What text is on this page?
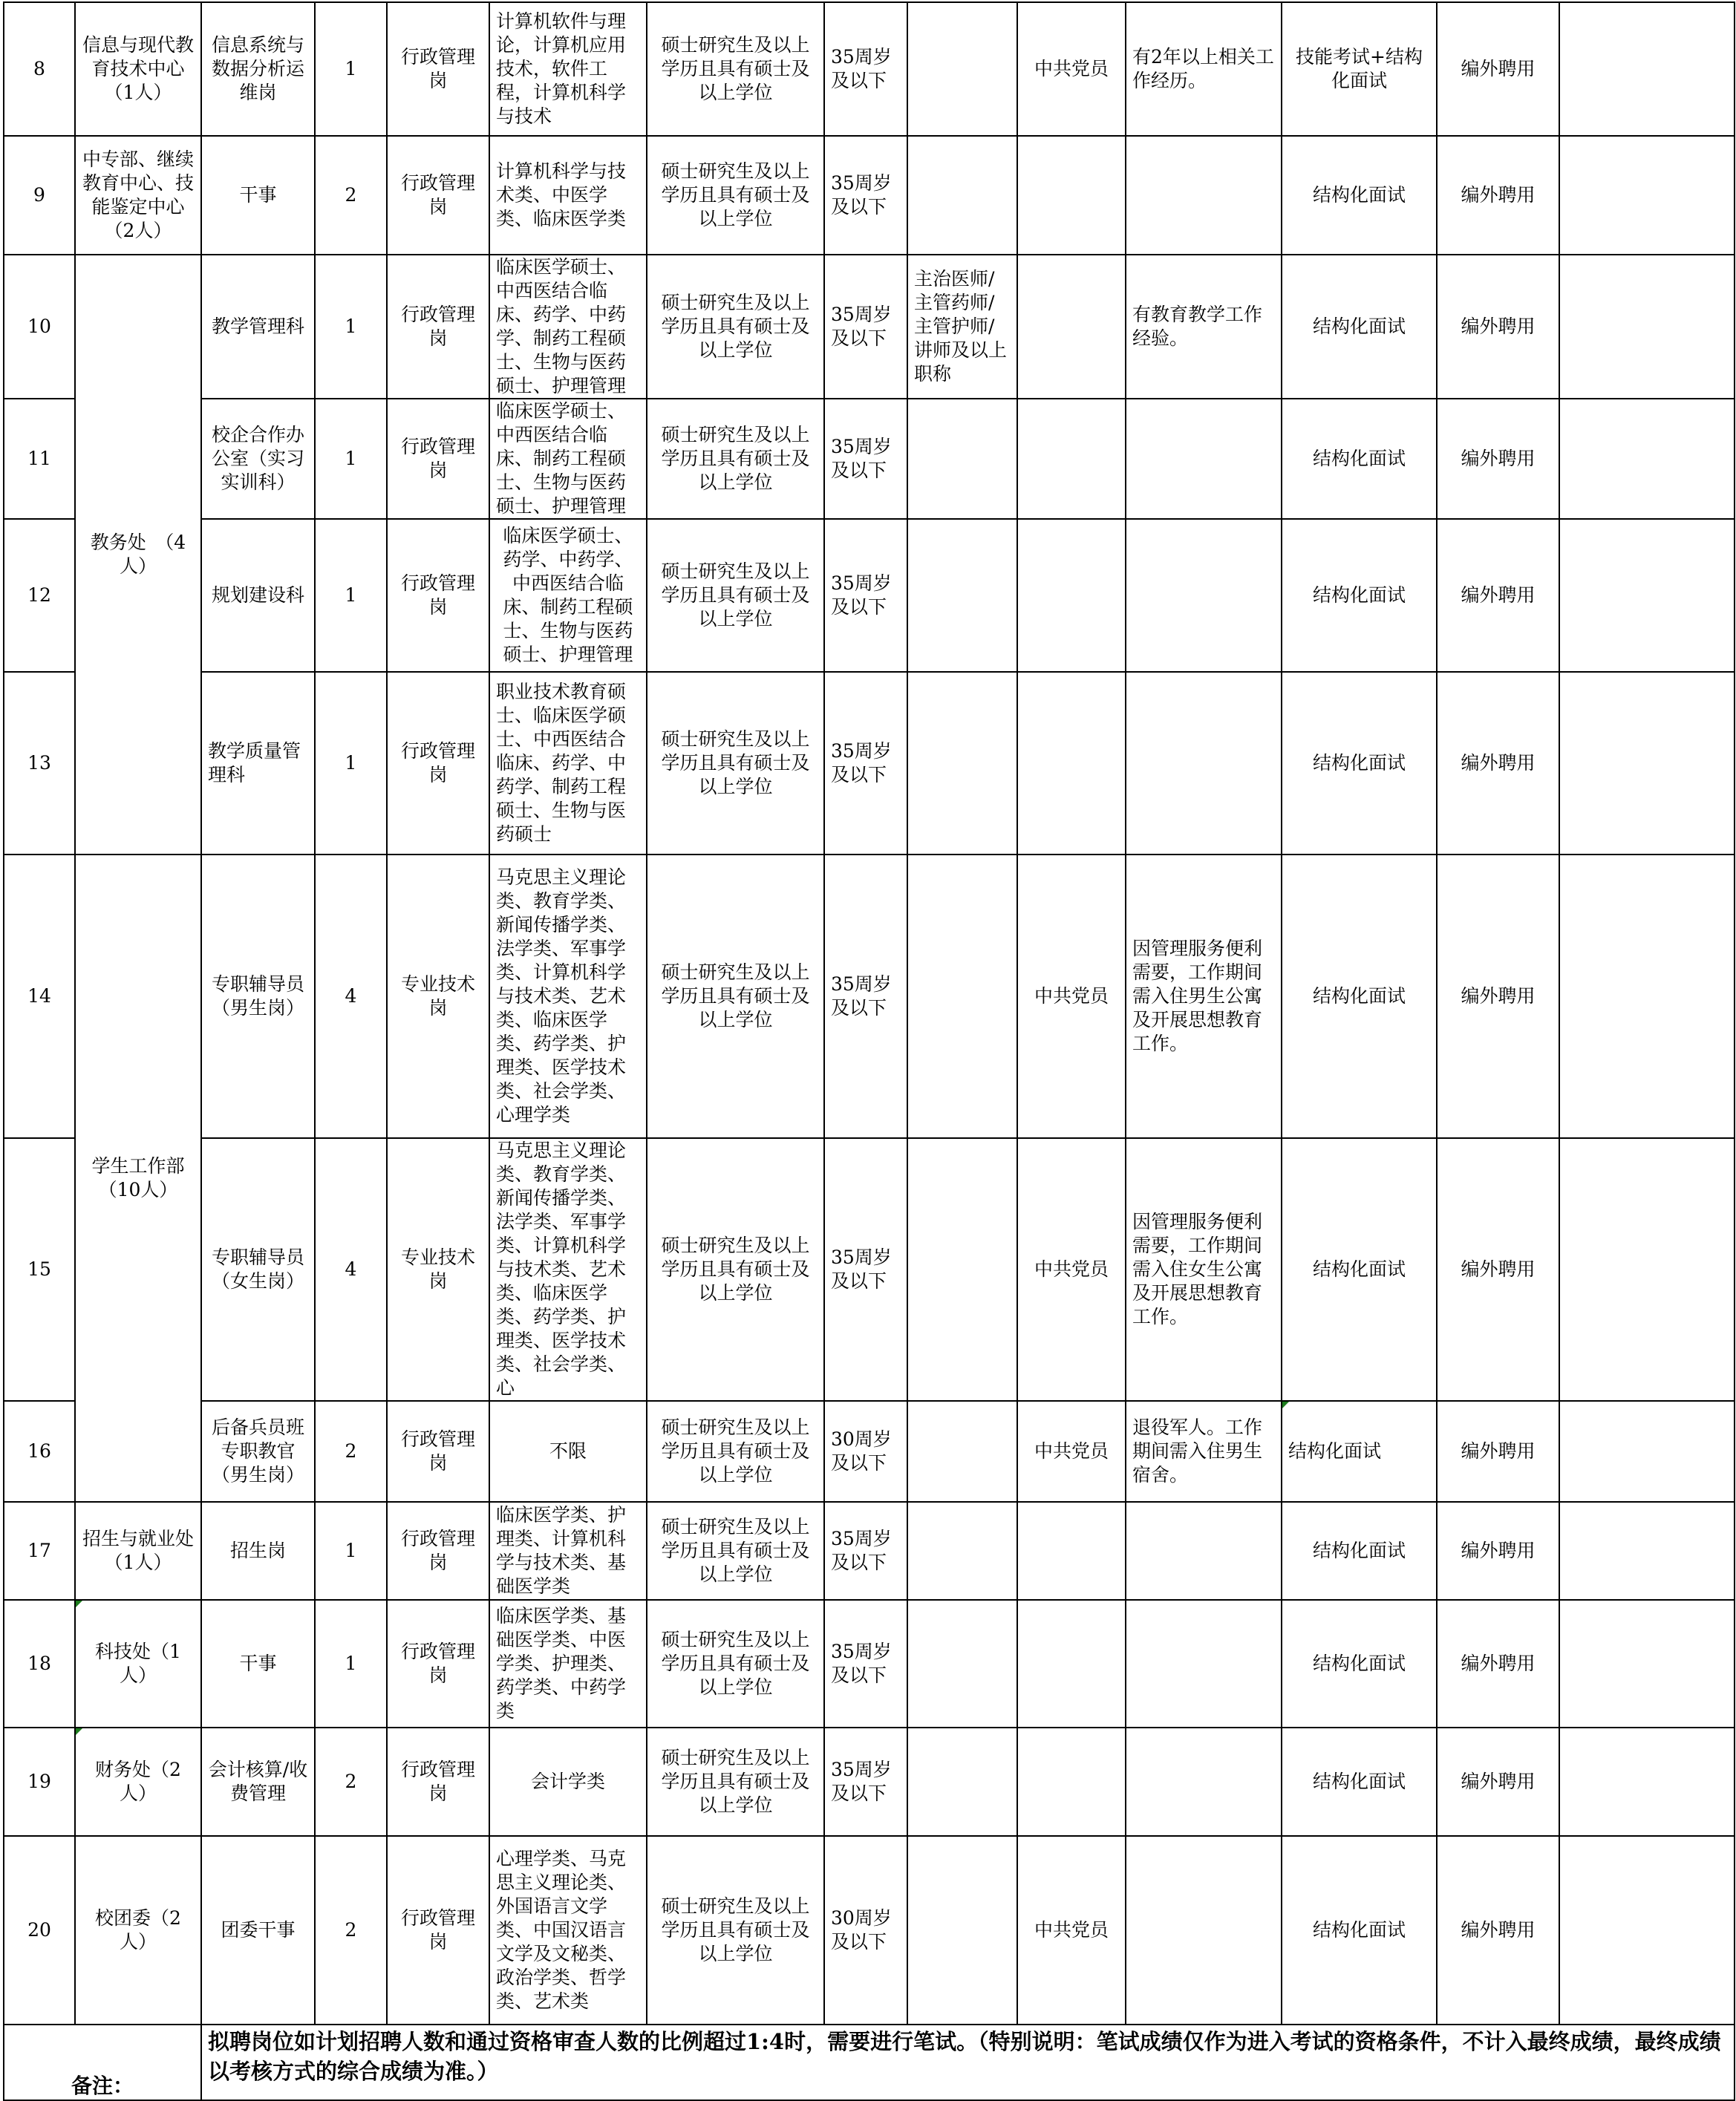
8	信息与现代教育技术中心（1人）	信息系统与数据分析运维岗	1	行政管理岗	计算机软件与理论，计算机应用技术，软件工程，计算机科学与技术	硕士研究生及以上学历且具有硕士及以上学位	35周岁及以下		中共党员	有2年以上相关工作经历。	技能考试+结构化面试	编外聘用	
9	中专部、继续教育中心、技能鉴定中心（2人）	干事	2	行政管理岗	计算机科学与技术类、中医学类、临床医学类	硕士研究生及以上学历且具有硕士及以上学位	35周岁及以下				结构化面试	编外聘用	
10	教务处　（4人）	教学管理科	1	行政管理岗	临床医学硕士、中西医结合临床、药学、中药学、制药工程硕士、生物与医药硕士、护理管理	硕士研究生及以上学历且具有硕士及以上学位	35周岁及以下	主治医师/主管药师/主管护师/讲师及以上职称		有教育教学工作经验。	结构化面试	编外聘用	
11		校企合作办公室（实习实训科）	1	行政管理岗	临床医学硕士、中西医结合临床、制药工程硕士、生物与医药硕士、护理管理	硕士研究生及以上学历且具有硕士及以上学位	35周岁及以下				结构化面试	编外聘用	
12		规划建设科	1	行政管理岗	临床医学硕士、药学、中药学、中西医结合临床、制药工程硕士、生物与医药硕士、护理管理	硕士研究生及以上学历且具有硕士及以上学位	35周岁及以下				结构化面试	编外聘用	
13		教学质量管理科	1	行政管理岗	职业技术教育硕士、临床医学硕士、中西医结合临床、药学、中药学、制药工程硕士、生物与医药硕士	硕士研究生及以上学历且具有硕士及以上学位	35周岁及以下				结构化面试	编外聘用	
14	学生工作部（10人）	专职辅导员（男生岗）	4	专业技术岗	马克思主义理论类、教育学类、新闻传播学类、法学类、军事学类、计算机科学与技术类、艺术类、临床医学类、药学类、护理类、医学技术类、社会学类、心理学类	硕士研究生及以上学历且具有硕士及以上学位	35周岁及以下		中共党员	因管理服务便利需要，工作期间需入住男生公寓及开展思想教育工作。	结构化面试	编外聘用	
15		专职辅导员（女生岗）	4	专业技术岗	马克思主义理论类、教育学类、新闻传播学类、法学类、军事学类、计算机科学与技术类、艺术类、临床医学类、药学类、护理类、医学技术类、社会学类、心	硕士研究生及以上学历且具有硕士及以上学位	35周岁及以下		中共党员	因管理服务便利需要，工作期间需入住女生公寓及开展思想教育工作。	结构化面试	编外聘用	
16		后备兵员班专职教官（男生岗）	2	行政管理岗	不限	硕士研究生及以上学历且具有硕士及以上学位	30周岁及以下		中共党员	退役军人。工作期间需入住男生宿舍。	结构化面试	编外聘用	
17	招生与就业处（1人）	招生岗	1	行政管理岗	临床医学类、护理类、计算机科学与技术类、基础医学类	硕士研究生及以上学历且具有硕士及以上学位	35周岁及以下				结构化面试	编外聘用	
18	科技处（1人）	干事	1	行政管理岗	临床医学类、基础医学类、中医学类、护理类、药学类、中药学类	硕士研究生及以上学历且具有硕士及以上学位	35周岁及以下				结构化面试	编外聘用	
19	财务处（2人）	会计核算/收费管理	2	行政管理岗	会计学类	硕士研究生及以上学历且具有硕士及以上学位	35周岁及以下				结构化面试	编外聘用	
20	校团委（2人）	团委干事	2	行政管理岗	心理学类、马克思主义理论类、外国语言文学类、中国汉语言文学及文秘类、政治学类、哲学类、艺术类	硕士研究生及以上学历且具有硕士及以上学位	30周岁及以下		中共党员		结构化面试	编外聘用	
备注：		拟聘岗位如计划招聘人数和通过资格审查人数的比例超过1:4时，需要进行笔试。（特别说明：笔试成绩仅作为进入考试的资格条件，不计入最终成绩，最终成绩以考核方式的综合成绩为准。）											
